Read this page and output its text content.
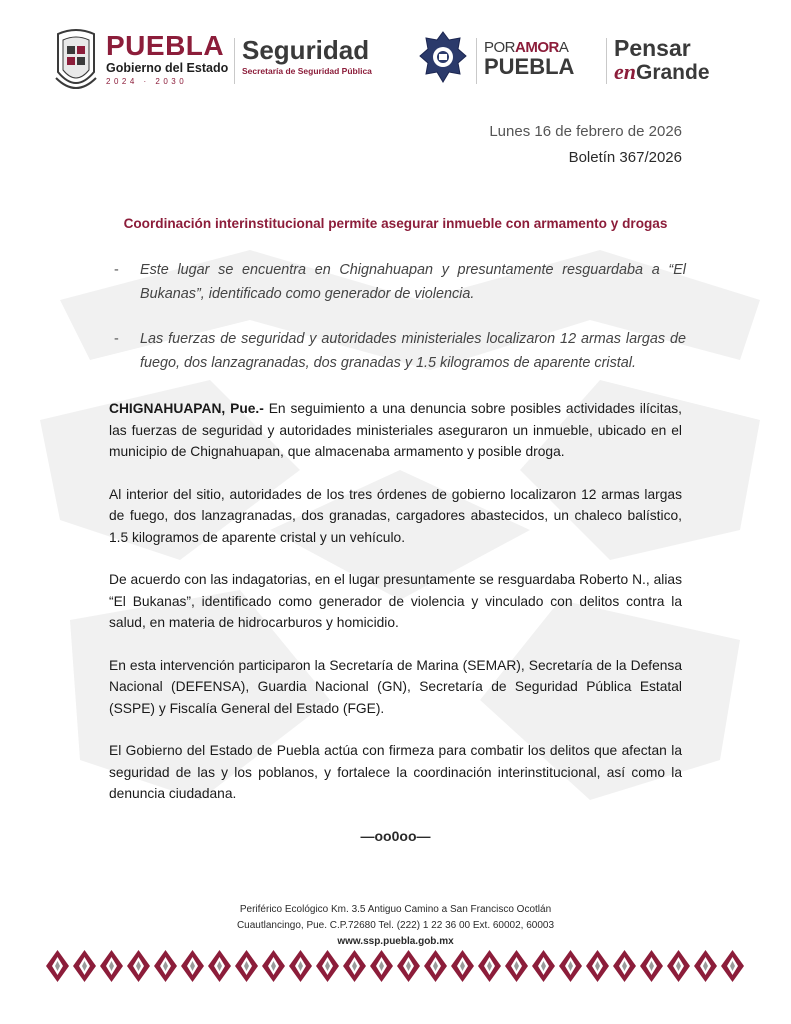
PUEBLA
Gobierno del Estado
2024 · 2030
Seguridad
Secretaría de Seguridad Pública
PORAMORA
PUEBLA
Pensar
enGrande
Lunes 16 de febrero de 2026
Boletín 367/2026
Coordinación interinstitucional permite asegurar inmueble con armamento y drogas
- Este lugar se encuentra en Chignahuapan y presuntamente resguardaba a “El Bukanas”, identificado como generador de violencia.
- Las fuerzas de seguridad y autoridades ministeriales localizaron 12 armas largas de fuego, dos lanzagranadas, dos granadas y 1.5 kilogramos de aparente cristal.

CHIGNAHUAPAN, Pue.- En seguimiento a una denuncia sobre posibles actividades ilícitas, las fuerzas de seguridad y autoridades ministeriales aseguraron un inmueble, ubicado en el municipio de Chignahuapan, que almacenaba armamento y posible droga.

Al interior del sitio, autoridades de los tres órdenes de gobierno localizaron 12 armas largas de fuego, dos lanzagranadas, dos granadas, cargadores abastecidos, un chaleco balístico, 1.5 kilogramos de aparente cristal y un vehículo.

De acuerdo con las indagatorias, en el lugar presuntamente se resguardaba Roberto N., alias “El Bukanas”, identificado como generador de violencia y vinculado con delitos contra la salud, en materia de hidrocarburos y homicidio.

En esta intervención participaron la Secretaría de Marina (SEMAR), Secretaría de la Defensa Nacional (DEFENSA), Guardia Nacional (GN), Secretaría de Seguridad Pública Estatal (SSPE) y Fiscalía General del Estado (FGE).

El Gobierno del Estado de Puebla actúa con firmeza para combatir los delitos que afectan la seguridad de las y los poblanos, y fortalece la coordinación interinstitucional, así como la denuncia ciudadana.

—oo0oo—
Periférico Ecológico Km. 3.5 Antiguo Camino a San Francisco Ocotlán
Cuautlancingo, Pue. C.P.72680 Tel. (222) 1 22 36 00 Ext. 60002, 60003
www.ssp.puebla.gob.mx
